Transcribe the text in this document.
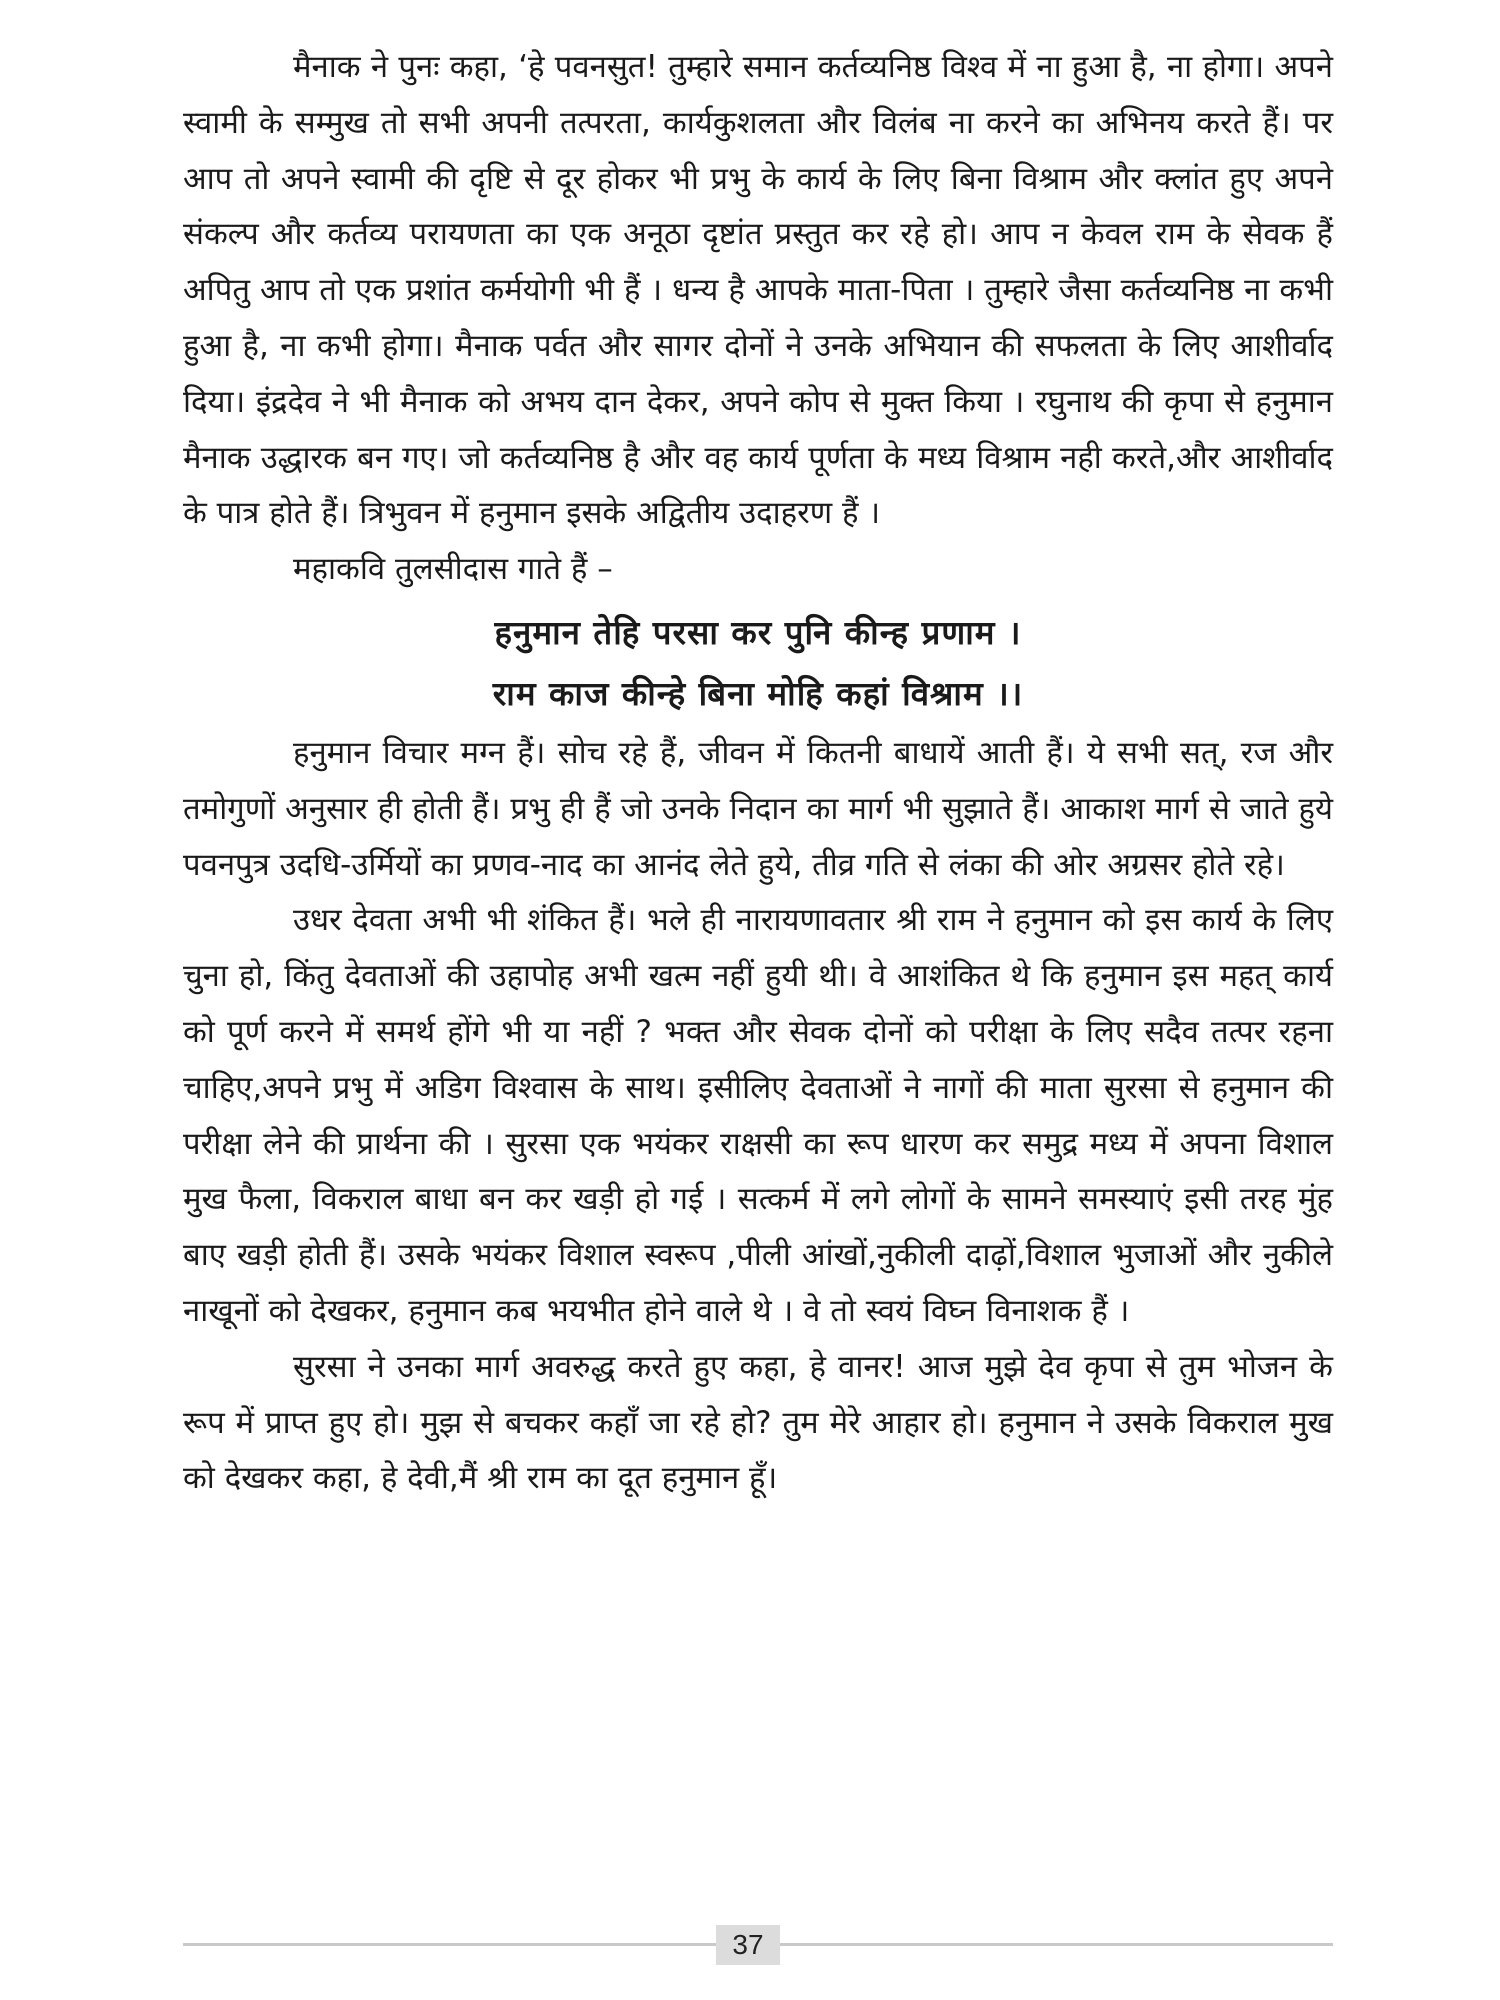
मैनाक ने पुनः कहा, ‘हे पवनसुत! तुम्हारे समान कर्तव्यनिष्ठ विश्व में ना हुआ है, ना होगा। अपने स्वामी के सम्मुख तो सभी अपनी तत्परता, कार्यकुशलता और विलंब ना करने का अभिनय करते हैं। पर आप तो अपने स्वामी की दृष्टि से दूर होकर भी प्रभु के कार्य के लिए बिना विश्राम और क्लांत हुए अपने संकल्प और कर्तव्य परायणता का एक अनूठा दृष्टांत प्रस्तुत कर रहे हो। आप न केवल राम के सेवक हैं अपितु आप तो एक प्रशांत कर्मयोगी भी हैं । धन्य है आपके माता-पिता । तुम्हारे जैसा कर्तव्यनिष्ठ ना कभी हुआ है, ना कभी होगा। मैनाक पर्वत और सागर दोनों ने उनके अभियान की सफलता के लिए आशीर्वाद दिया। इंद्रदेव ने भी मैनाक को अभय दान देकर, अपने कोप से मुक्त किया । रघुनाथ की कृपा से हनुमान मैनाक उद्धारक बन गए। जो कर्तव्यनिष्ठ है और वह कार्य पूर्णता के मध्य विश्राम नही करते,और आशीर्वाद के पात्र होते हैं। त्रिभुवन में हनुमान इसके अद्वितीय उदाहरण हैं ।

महाकवि तुलसीदास गाते हैं –

हनुमान तेहि परसा कर पुनि कीन्ह प्रणाम ।

राम काज कीन्हे बिना मोहि कहां विश्राम ।।

हनुमान विचार मग्न हैं। सोच रहे हैं, जीवन में कितनी बाधायें आती हैं। ये सभी सत्, रज और तमोगुणों अनुसार ही होती हैं। प्रभु ही हैं जो उनके निदान का मार्ग भी सुझाते हैं। आकाश मार्ग से जाते हुये पवनपुत्र उदधि-उर्मियों का प्रणव-नाद का आनंद लेते हुये, तीव्र गति से लंका की ओर अग्रसर होते रहे।

उधर देवता अभी भी शंकित हैं। भले ही नारायणावतार श्री राम ने हनुमान को इस कार्य के लिए चुना हो, किंतु देवताओं की उहापोह अभी खत्म नहीं हुयी थी। वे आशंकित थे कि हनुमान इस महत् कार्य को पूर्ण करने में समर्थ होंगे भी या नहीं ? भक्त और सेवक दोनों को परीक्षा के लिए सदैव तत्पर रहना चाहिए,अपने प्रभु में अडिग विश्वास के साथ। इसीलिए देवताओं ने नागों की माता सुरसा से हनुमान की परीक्षा लेने की प्रार्थना की । सुरसा एक भयंकर राक्षसी का रूप धारण कर समुद्र मध्य में अपना विशाल मुख फैला, विकराल बाधा बन कर खड़ी हो गई । सत्कर्म में लगे लोगों के सामने समस्याएं इसी तरह मुंह बाए खड़ी होती हैं। उसके भयंकर विशाल स्वरूप ,पीली आंखों,नुकीली दाढ़ों,विशाल भुजाओं और नुकीले नाखूनों को देखकर, हनुमान कब भयभीत होने वाले थे । वे तो स्वयं विघ्न विनाशक हैं ।

सुरसा ने उनका मार्ग अवरुद्ध करते हुए कहा, हे वानर! आज मुझे देव कृपा से तुम भोजन के रूप में प्राप्त हुए हो। मुझ से बचकर कहाँ जा रहे हो? तुम मेरे आहार हो। हनुमान ने उसके विकराल मुख को देखकर कहा, हे देवी,मैं श्री राम का दूत हनुमान हूँ।

37
